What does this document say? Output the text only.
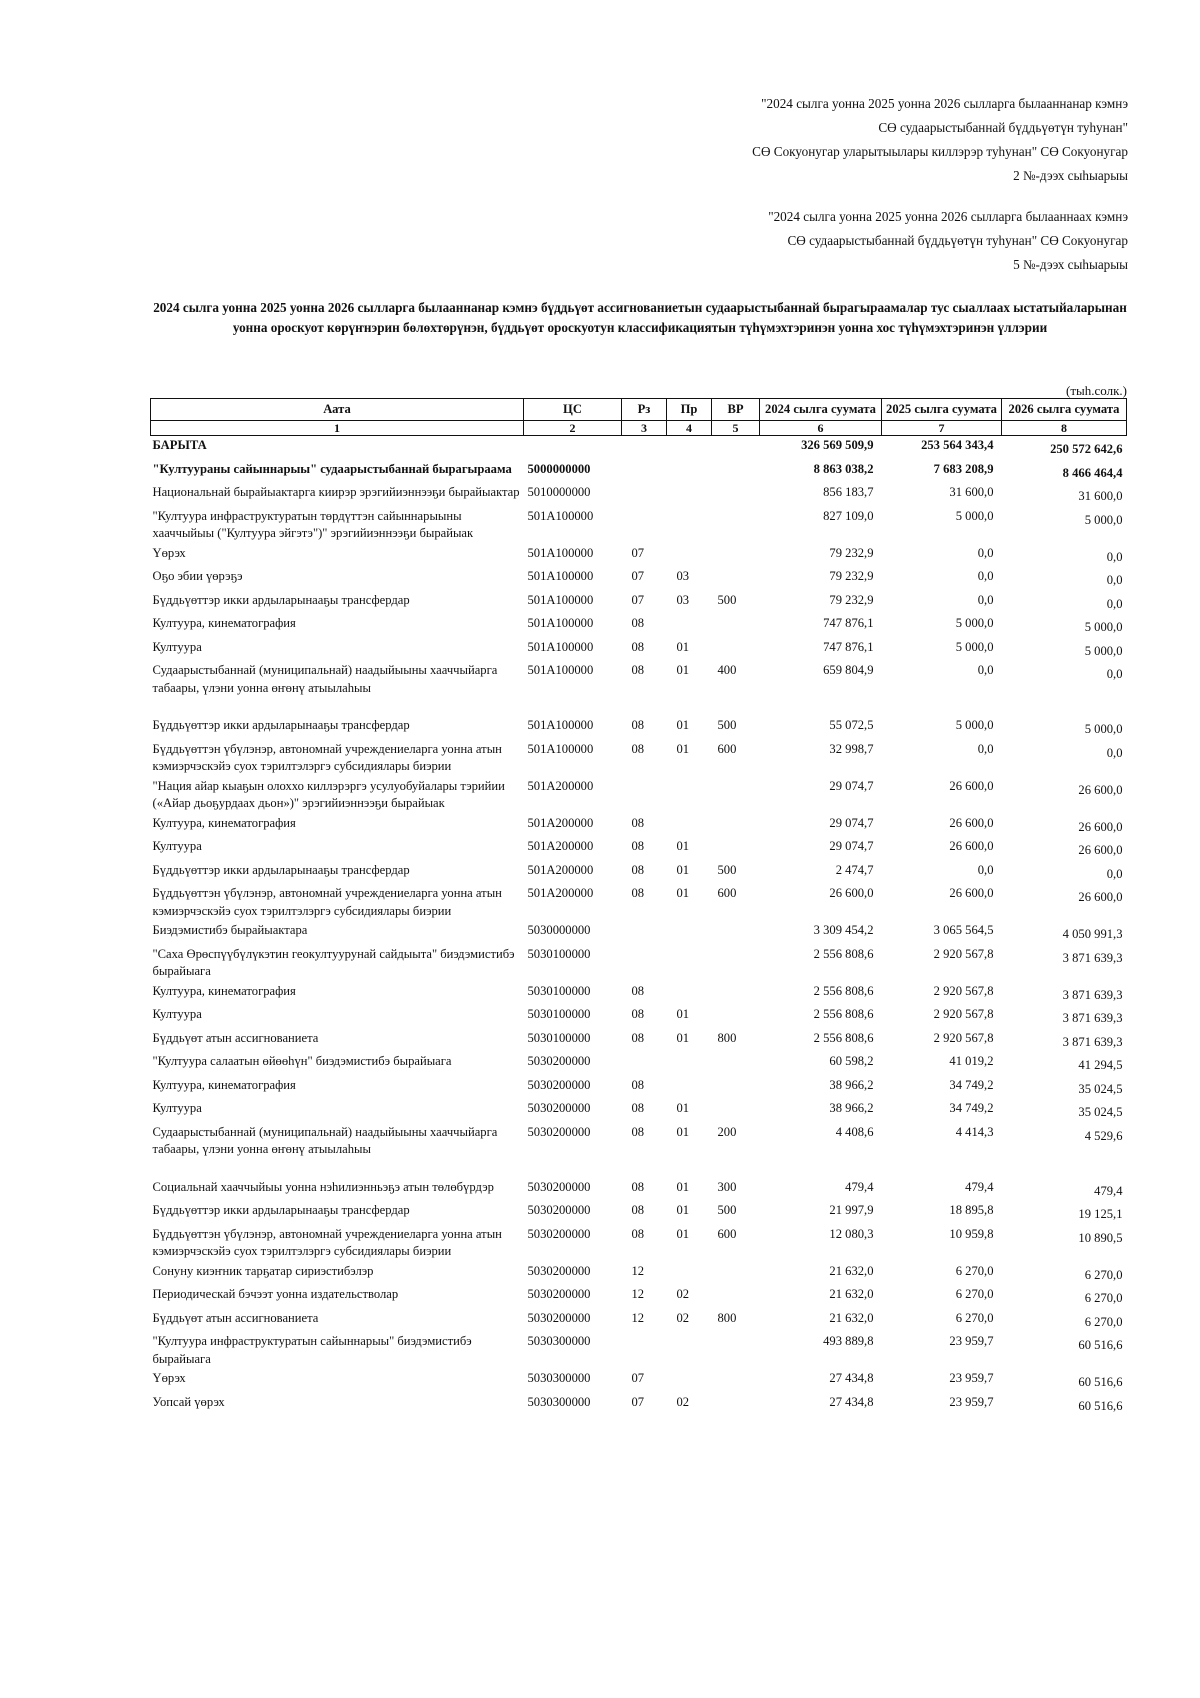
"2024 сылга уонна 2025 уонна 2026 сылларга былааннанар кэмнэ
СӨ судаарыстыбаннай бүддьүөтүн туһунан"
СӨ Сокуонугар уларытыылары киллэрэр туһунан" СӨ Сокуонугар
2 №-дээх сыһыарыы
"2024 сылга уонна 2025 уонна 2026 сылларга былааннаах кэмнэ
СӨ судаарыстыбаннай бүддьүөтүн туһунан" СӨ Сокуонугар
5 №-дээх сыһыарыы
2024 сылга уонна 2025 уонна 2026 сылларга былааннанар кэмнэ бүддьүөт ассигнованиетын судаарыстыбаннай бырагыраамалар тус сыаллаах ыстатыйаларынан уонна ороскуот көрүҥнэрин бөлөхтөрүнэн, бүддьүөт ороскуотун классификациятын түһүмэхтэринэн уонна хос түһүмэхтэринэн үллэрии
(тыһ.солк.)
Аата	ЦС	Рз	Пр	ВР	2024 сылга суумата	2025 сылга суумата	2026 сылга суумата
1	2	3	4	5	6	7	8
БАРЫТА					326 569 509,9	253 564 343,4	250 572 642,6
"Култуураны сайыннарыы" судаарыстыбаннай бырагыраама	5000000000				8 863 038,2	7 683 208,9	8 466 464,4
Национальнай бырайыактарга киирэр эрэгийиэннээҕи бырайыактар	5010000000				856 183,7	31 600,0	31 600,0
"Култуура инфраструктуратын төрдүттэн сайыннарыыны хааччыйыы ("Култуура эйгэтэ")" эрэгийиэннээҕи бырайыак	501A100000				827 109,0	5 000,0	5 000,0
Үөрэх	501A100000	07			79 232,9	0,0	0,0
Оҕо эбии үөрэҕэ	501A100000	07	03		79 232,9	0,0	0,0
Бүддьүөттэр икки ардыларынааҕы трансфердар	501A100000	07	03	500	79 232,9	0,0	0,0
Култуура, кинематография	501A100000	08			747 876,1	5 000,0	5 000,0
Култуура	501A100000	08	01		747 876,1	5 000,0	5 000,0
Судаарыстыбаннай (муниципальнай) наадыйыыны хааччыйарга табаары, үлэни уонна өҥөнү атыылаһыы	501A100000	08	01	400	659 804,9	0,0	0,0
Бүддьүөттэр икки ардыларынааҕы трансфердар	501A100000	08	01	500	55 072,5	5 000,0	5 000,0
Бүддьүөттэн үбүлэнэр, автономнай учреждениеларга уонна атын кэмиэрчэскэйэ суох тэрилтэлэргэ субсидиялары биэрии	501A100000	08	01	600	32 998,7	0,0	0,0
"Нация айар кыаҕын олоххо киллэрэргэ усулуобуйалары тэрийии («Айар дьоҕурдаах дьон»)" эрэгийиэннээҕи бырайыак	501A200000				29 074,7	26 600,0	26 600,0
Култуура, кинематография	501A200000	08			29 074,7	26 600,0	26 600,0
Култуура	501A200000	08	01		29 074,7	26 600,0	26 600,0
Бүддьүөттэр икки ардыларынааҕы трансфердар	501A200000	08	01	500	2 474,7	0,0	0,0
Бүддьүөттэн үбүлэнэр, автономнай учреждениеларга уонна атын кэмиэрчэскэйэ суох тэрилтэлэргэ субсидиялары биэрии	501A200000	08	01	600	26 600,0	26 600,0	26 600,0
Биэдэмистибэ бырайыактара	5030000000				3 309 454,2	3 065 564,5	4 050 991,3
"Саха Өрөспүүбүлүкэтин геокултуурунай сайдыыта" биэдэмистибэ бырайыага	5030100000				2 556 808,6	2 920 567,8	3 871 639,3
Култуура, кинематография	5030100000	08			2 556 808,6	2 920 567,8	3 871 639,3
Култуура	5030100000	08	01		2 556 808,6	2 920 567,8	3 871 639,3
Бүддьүөт атын ассигнованиета	5030100000	08	01	800	2 556 808,6	2 920 567,8	3 871 639,3
"Култуура салаатын өйөөһүн" биэдэмистибэ бырайыага	5030200000				60 598,2	41 019,2	41 294,5
Култуура, кинематография	5030200000	08			38 966,2	34 749,2	35 024,5
Култуура	5030200000	08	01		38 966,2	34 749,2	35 024,5
Судаарыстыбаннай (муниципальнай) наадыйыыны хааччыйарга табаары, үлэни уонна өҥөнү атыылаһыы	5030200000	08	01	200	4 408,6	4 414,3	4 529,6
Социальнай хааччыйыы уонна нэһилиэнньэҕэ атын төлөбүрдэр	5030200000	08	01	300	479,4	479,4	479,4
Бүддьүөттэр икки ардыларынааҕы трансфердар	5030200000	08	01	500	21 997,9	18 895,8	19 125,1
Бүддьүөттэн үбүлэнэр, автономнай учреждениеларга уонна атын кэмиэрчэскэйэ суох тэрилтэлэргэ субсидиялары биэрии	5030200000	08	01	600	12 080,3	10 959,8	10 890,5
Сонуну киэҥник тарҕатар сириэстибэлэр	5030200000	12			21 632,0	6 270,0	6 270,0
Периодическай бэчээт уонна издательстволар	5030200000	12	02		21 632,0	6 270,0	6 270,0
Бүддьүөт атын ассигнованиета	5030200000	12	02	800	21 632,0	6 270,0	6 270,0
"Култуура инфраструктуратын сайыннарыы" биэдэмистибэ бырайыага	5030300000				493 889,8	23 959,7	60 516,6
Үөрэх	5030300000	07			27 434,8	23 959,7	60 516,6
Уопсай үөрэх	5030300000	07	02		27 434,8	23 959,7	60 516,6
